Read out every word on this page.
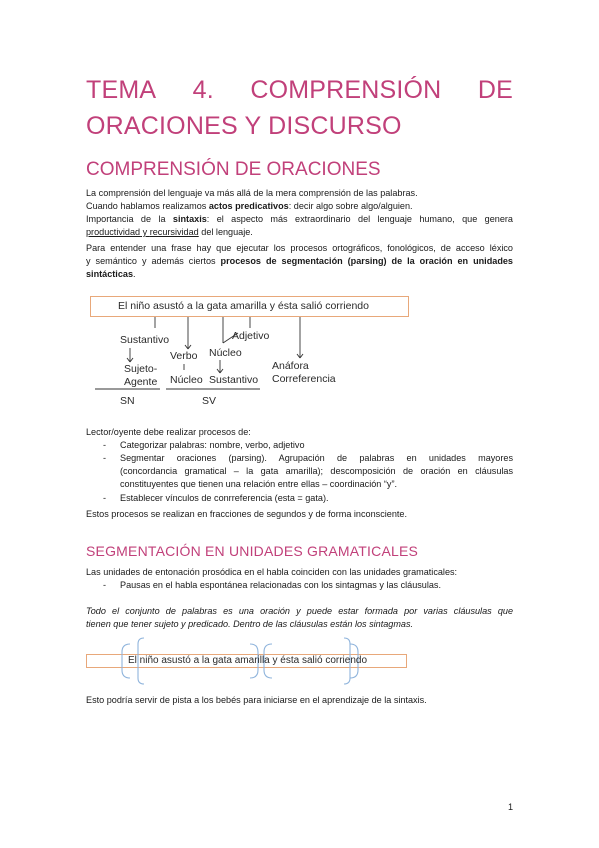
TEMA 4. COMPRENSIÓN DE
ORACIONES Y DISCURSO
COMPRENSIÓN DE ORACIONES
La comprensión del lenguaje va más allá de la mera comprensión de las palabras.
Cuando hablamos realizamos actos predicativos: decir algo sobre algo/alguien.
Importancia de la sintaxis: el aspecto más extraordinario del lenguaje humano, que genera
productividad y recursividad del lenguaje.
Para entender una frase hay que ejecutar los procesos ortográficos, fonológicos, de acceso léxico
y semántico y además ciertos procesos de segmentación (parsing) de la oración en unidades
sintácticas.
El niño asustó a la gata amarilla y ésta salió corriendo
Sustantivo
Verbo Núcleo
Adjetivo
Sujeto-
Agente Núcleo Sustantivo
Anáfora
Correferencia
SN	SV
Lector/oyente debe realizar procesos de:
- Categorizar palabras: nombre, verbo, adjetivo
- Segmentar oraciones (parsing). Agrupación de palabras en unidades mayores
(concordancia gramatical – la gata amarilla); descomposición de oración en cláusulas
constituyentes que tienen una relación entre ellas – coordinación “y”.
- Establecer vínculos de conrreferencia (esta = gata).
Estos procesos se realizan en fracciones de segundos y de forma inconsciente.
SEGMENTACIÓN EN UNIDADES GRAMATICALES
Las unidades de entonación prosódica en el habla coinciden con las unidades gramaticales:
- Pausas en el habla espontánea relacionadas con los sintagmas y las cláusulas.
Todo el conjunto de palabras es una oración y puede estar formada por varias cláusulas que
tienen que tener sujeto y predicado. Dentro de las cláusulas están los sintagmas.
El niño asustó a la gata amarilla y ésta salió corriendo
Esto podría servir de pista a los bebés para iniciarse en el aprendizaje de la sintaxis.
1
